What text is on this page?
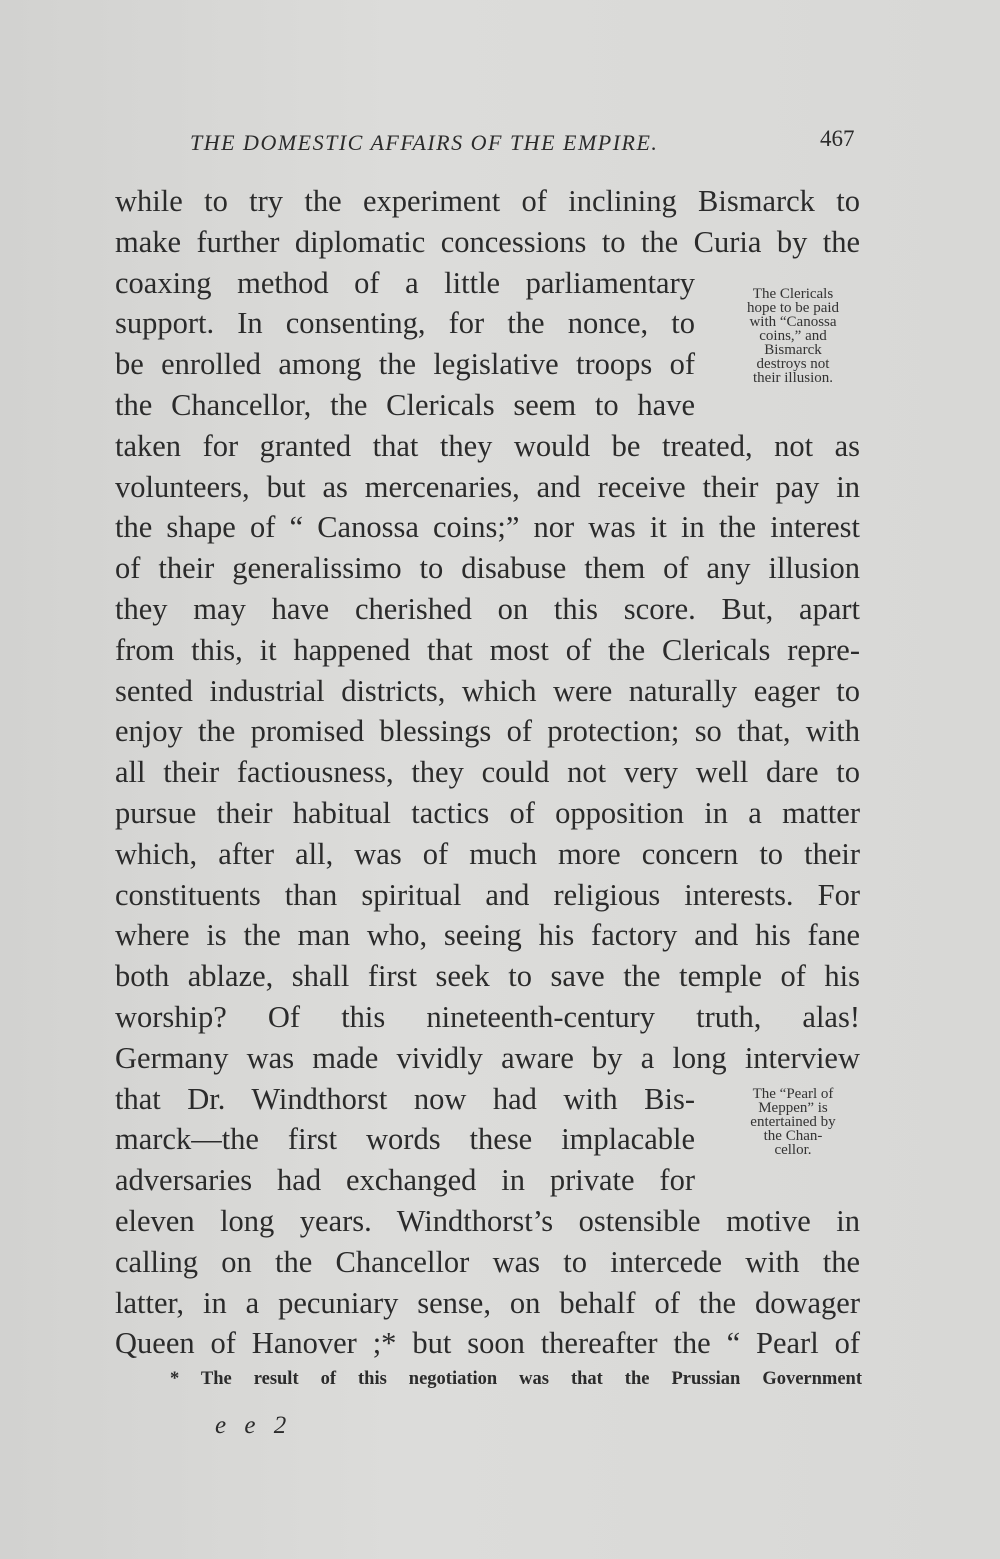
THE DOMESTIC AFFAIRS OF THE EMPIRE.	467
while to try the experiment of inclining Bismarck to
make further diplomatic concessions to the Curia by the
coaxing method of a little parliamentary
support. In consenting, for the nonce, to
be enrolled among the legislative troops of
the Chancellor, the Clericals seem to have
taken for granted that they would be treated, not as
volunteers, but as mercenaries, and receive their pay in
the shape of “ Canossa coins;” nor was it in the interest
of their generalissimo to disabuse them of any illusion
they may have cherished on this score. But, apart
from this, it happened that most of the Clericals repre-
sented industrial districts, which were naturally eager to
enjoy the promised blessings of protection; so that, with
all their factiousness, they could not very well dare to
pursue their habitual tactics of opposition in a matter
which, after all, was of much more concern to their
constituents than spiritual and religious interests. For
where is the man who, seeing his factory and his fane
both ablaze, shall first seek to save the temple of his
worship? Of this nineteenth-century truth, alas!
Germany was made vividly aware by a long interview
that Dr. Windthorst now had with Bis-
marck—the first words these implacable
adversaries had exchanged in private for
eleven long years. Windthorst’s ostensible motive in
calling on the Chancellor was to intercede with the
latter, in a pecuniary sense, on behalf of the dowager
Queen of Hanover ;* but soon thereafter the “ Pearl of
The Clericals
hope to be paid
with “Canossa
coins,” and
Bismarck
destroys not
their illusion.
The “Pearl of
Meppen” is
entertained by
the Chan-
cellor.
* The result of this negotiation was that the Prussian Government
e e 2
